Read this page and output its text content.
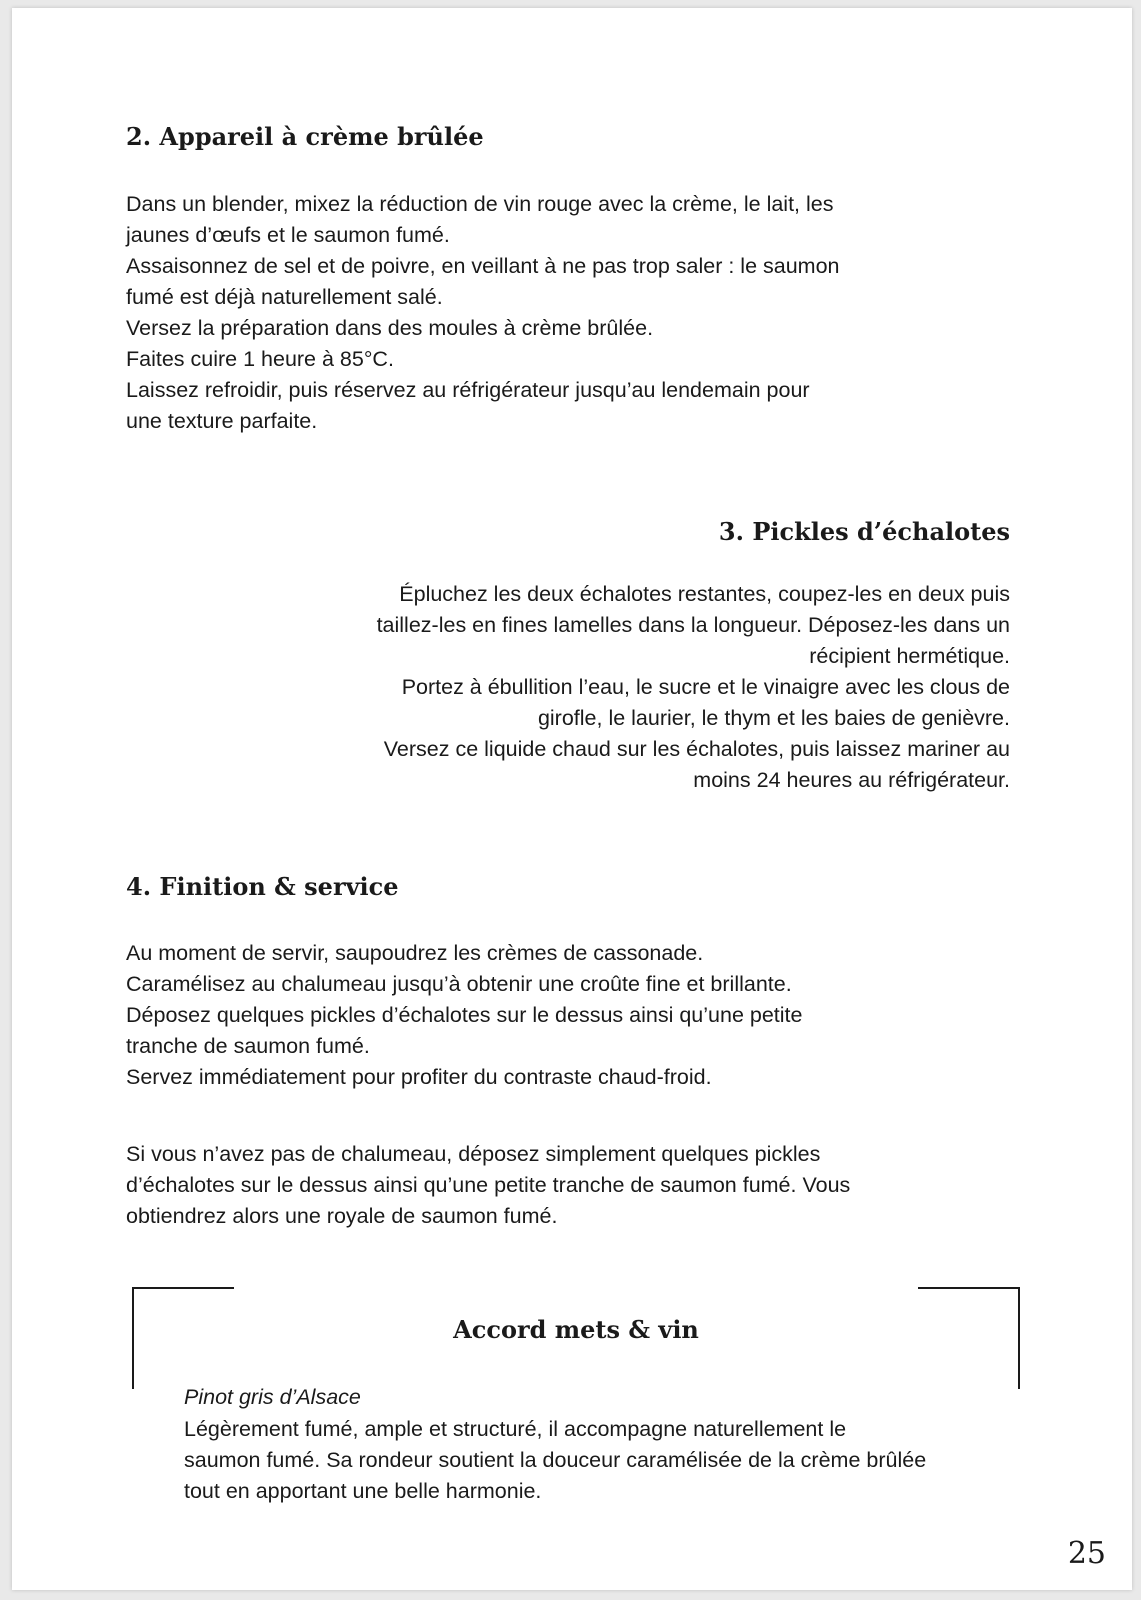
2. Appareil à crème brûlée

Dans un blender, mixez la réduction de vin rouge avec la crème, le lait, les
jaunes d’œufs et le saumon fumé.
Assaisonnez de sel et de poivre, en veillant à ne pas trop saler : le saumon
fumé est déjà naturellement salé.
Versez la préparation dans des moules à crème brûlée.
Faites cuire 1 heure à 85°C.
Laissez refroidir, puis réservez au réfrigérateur jusqu’au lendemain pour
une texture parfaite.

3. Pickles d’échalotes

Épluchez les deux échalotes restantes, coupez-les en deux puis
taillez-les en fines lamelles dans la longueur. Déposez-les dans un
récipient hermétique.
Portez à ébullition l’eau, le sucre et le vinaigre avec les clous de
girofle, le laurier, le thym et les baies de genièvre.
Versez ce liquide chaud sur les échalotes, puis laissez mariner au
moins 24 heures au réfrigérateur.

4. Finition & service

Au moment de servir, saupoudrez les crèmes de cassonade.
Caramélisez au chalumeau jusqu’à obtenir une croûte fine et brillante.
Déposez quelques pickles d’échalotes sur le dessus ainsi qu’une petite
tranche de saumon fumé.
Servez immédiatement pour profiter du contraste chaud-froid.

Si vous n’avez pas de chalumeau, déposez simplement quelques pickles
d’échalotes sur le dessus ainsi qu’une petite tranche de saumon fumé. Vous
obtiendrez alors une royale de saumon fumé.

Accord mets & vin
Pinot gris d’Alsace

Légèrement fumé, ample et structuré, il accompagne naturellement le
saumon fumé. Sa rondeur soutient la douceur caramélisée de la crème brûlée
tout en apportant une belle harmonie.

25
